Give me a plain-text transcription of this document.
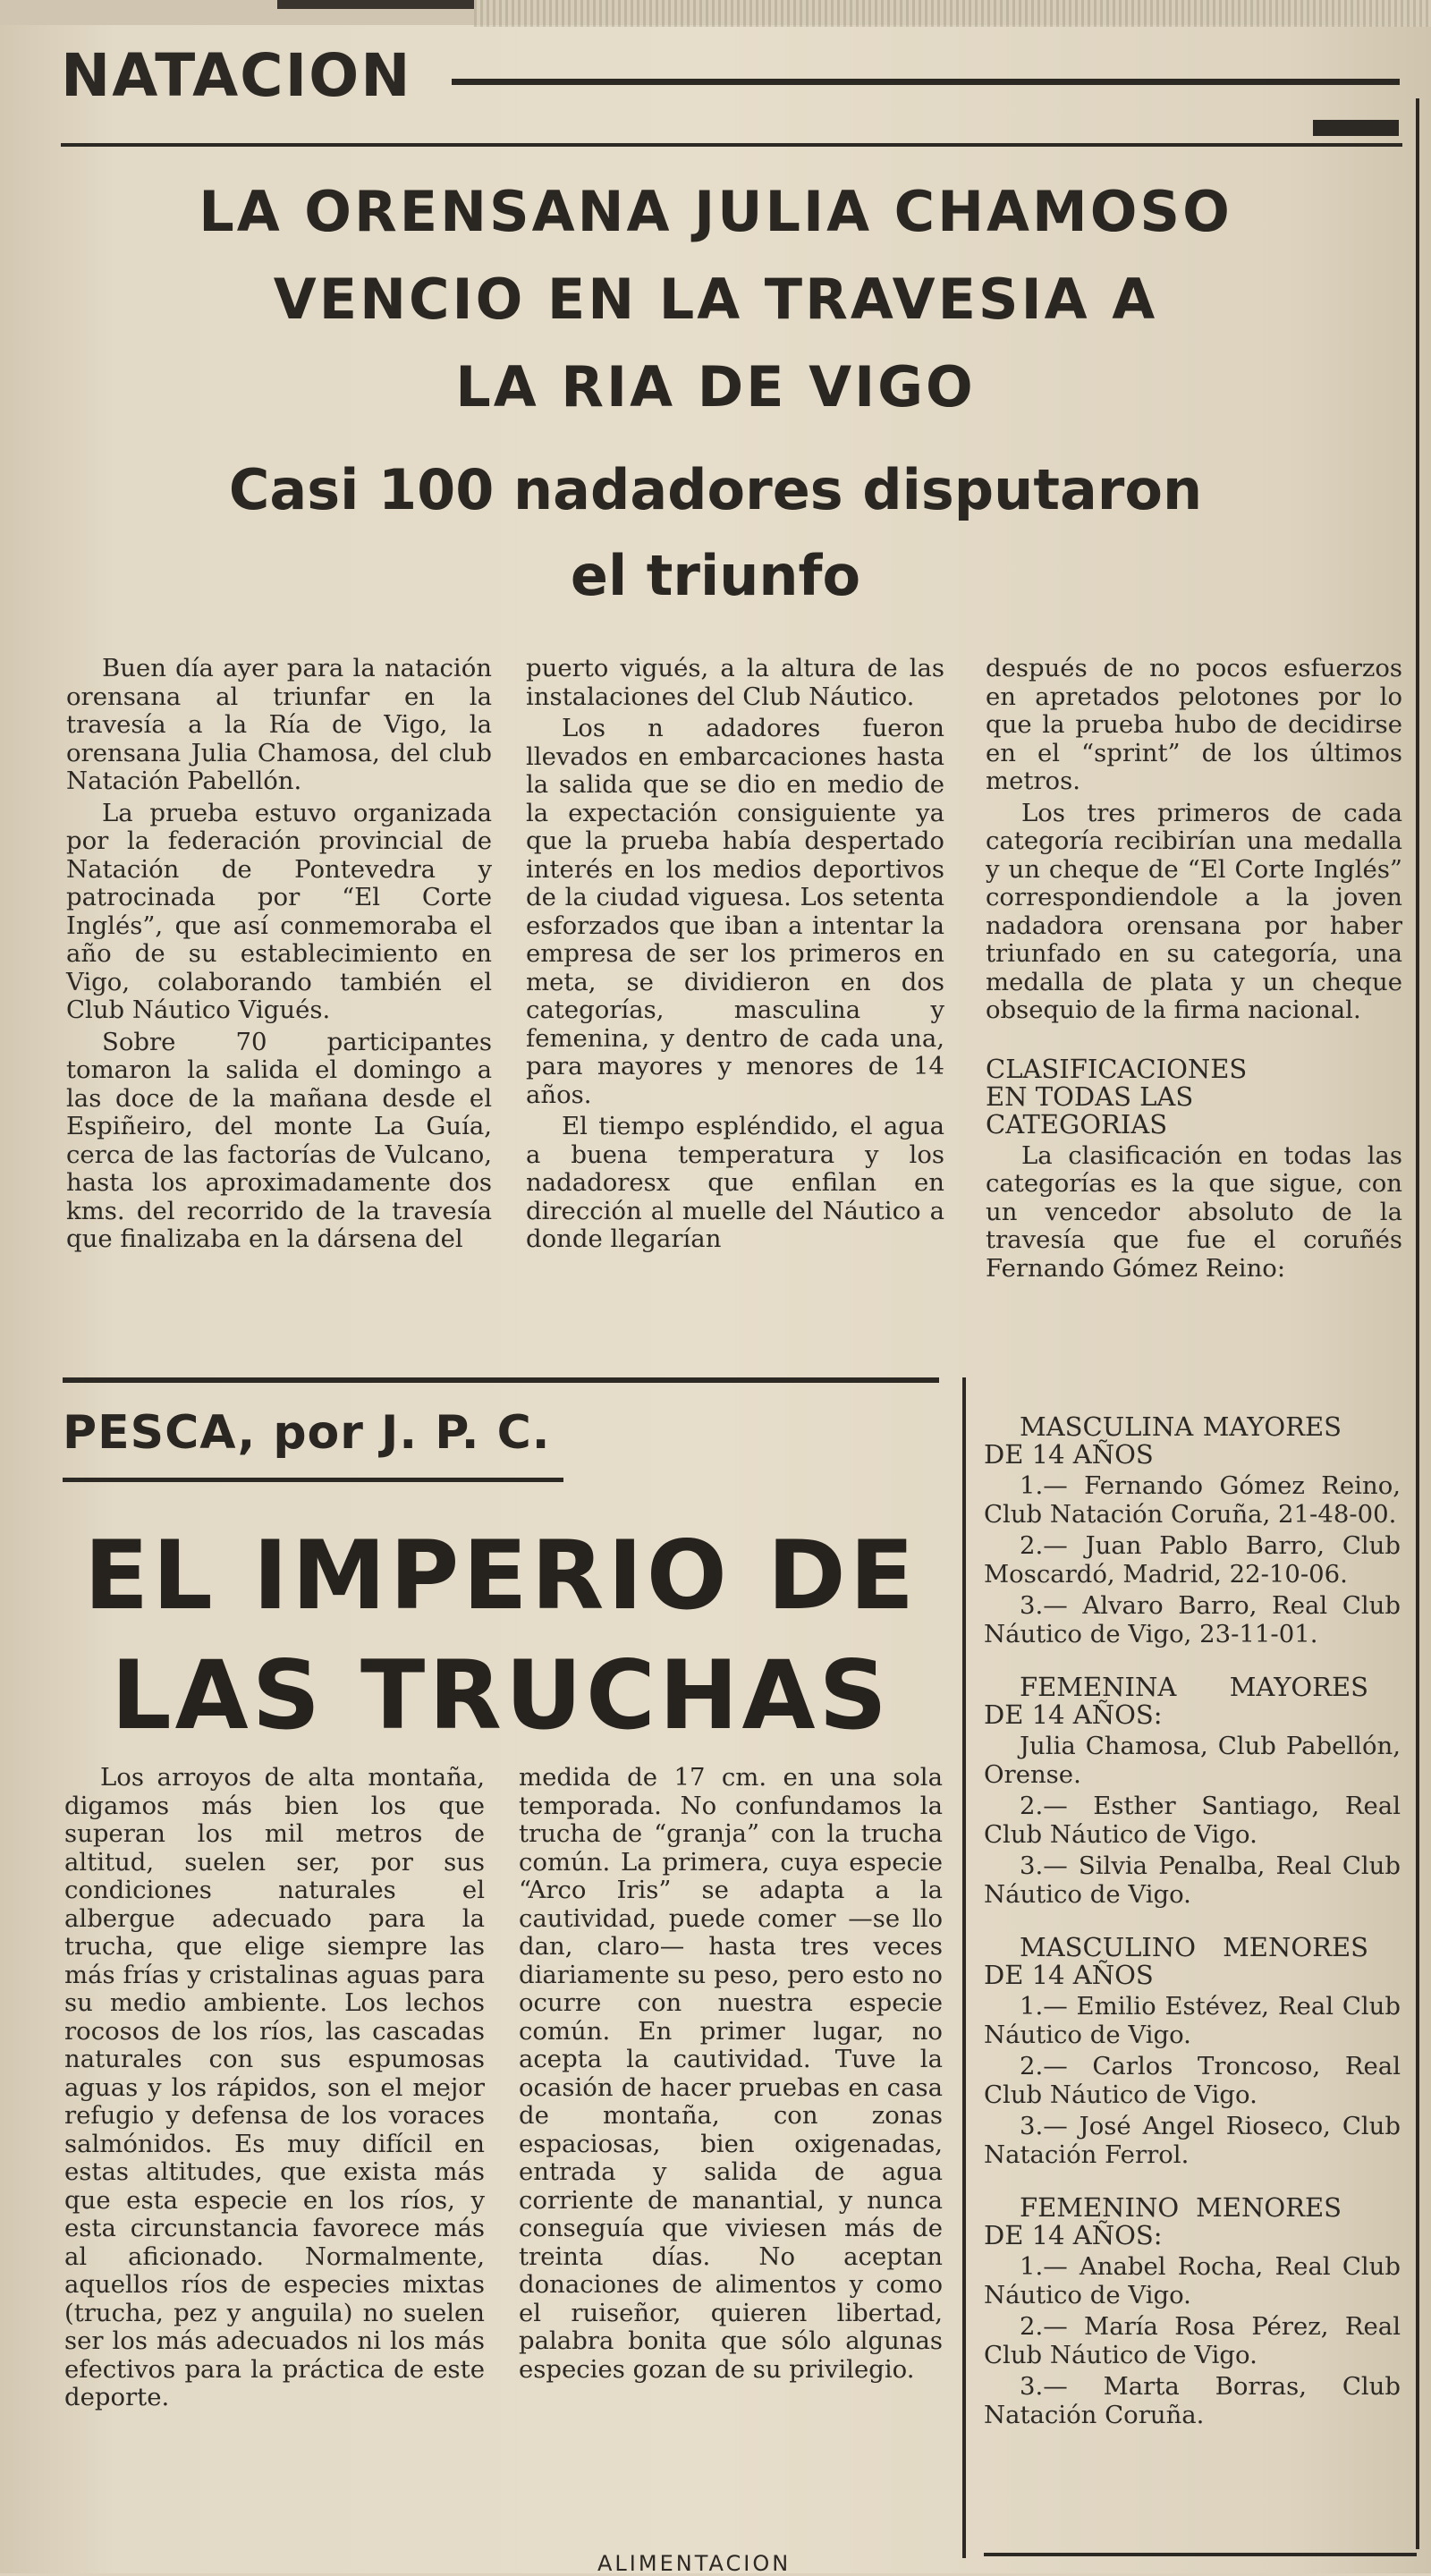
NATACION
LA ORENSANA JULIA CHAMOSO
VENCIO EN LA TRAVESIA A
LA RIA DE VIGO
Casi 100 nadadores disputaron
el triunfo

Buen día ayer para la natación orensana al triunfar en la travesía a la Ría de Vigo, la orensana Julia Chamosa, del club Natación Pabellón.

La prueba estuvo organizada por la federación provincial de Natación de Pontevedra y patrocinada por “El Corte Inglés”, que así conmemoraba el año de su establecimiento en Vigo, colaborando también el Club Náutico Vigués.

Sobre 70 participantes tomaron la salida el domingo a las doce de la mañana desde el Espiñeiro, del monte La Guía, cerca de las factorías de Vulcano, hasta los aproximadamente dos kms. del recorrido de la travesía que finalizaba en la dársena del

puerto vigués, a la altura de las instalaciones del Club Náutico.

Los n adadores fueron llevados en embarcaciones hasta la salida que se dio en medio de la expectación consiguiente ya que la prueba había despertado interés en los medios deportivos de la ciudad viguesa. Los setenta esforzados que iban a intentar la empresa de ser los primeros en meta, se dividieron en dos categorías, masculina y femenina, y dentro de cada una, para mayores y menores de 14 años.

El tiempo espléndido, el agua a buena temperatura y los nadadoresx que enfilan en dirección al muelle del Náutico a donde llegarían

después de no pocos esfuerzos en apretados pelotones por lo que la prueba hubo de decidirse en el “sprint” de los últimos metros.

Los tres primeros de cada categoría recibirían una medalla y un cheque de “El Corte Inglés” correspondiendole a la joven nadadora orensana por haber triunfado en su categoría, una medalla de plata y un cheque obsequio de la firma nacional.

CLASIFICACIONES EN TODAS LAS CATEGORIAS

La clasificación en todas las categorías es la que sigue, con un vencedor absoluto de la travesía que fue el coruñés Fernando Gómez Reino:

MASCULINA MAYORES DE 14 AÑOS

1.— Fernando Gómez Reino, Club Natación Coruña, 21-48-00.

2.— Juan Pablo Barro, Club Moscardó, Madrid, 22-10-06.

3.— Alvaro Barro, Real Club Náutico de Vigo, 23-11-01.

FEMENINA MAYORES DE 14 AÑOS:

Julia Chamosa, Club Pabellón, Orense.

2.— Esther Santiago, Real Club Náutico de Vigo.

3.— Silvia Penalba, Real Club Náutico de Vigo.

MASCULINO MENORES DE 14 AÑOS

1.— Emilio Estévez, Real Club Náutico de Vigo.

2.— Carlos Troncoso, Real Club Náutico de Vigo.

3.— José Angel Rioseco, Club Natación Ferrol.

FEMENINO MENORES DE 14 AÑOS:

1.— Anabel Rocha, Real Club Náutico de Vigo.

2.— María Rosa Pérez, Real Club Náutico de Vigo.

3.— Marta Borras, Club Natación Coruña.

PESCA, por J. P. C.
EL IMPERIO DE
LAS TRUCHAS

Los arroyos de alta montaña, digamos más bien los que superan los mil metros de altitud, suelen ser, por sus condiciones naturales el albergue adecuado para la trucha, que elige siempre las más frías y cristalinas aguas para su medio ambiente. Los lechos rocosos de los ríos, las cascadas naturales con sus espumosas aguas y los rápidos, son el mejor refugio y defensa de los voraces salmónidos. Es muy difícil en estas altitudes, que exista más que esta especie en los ríos, y esta circunstancia favorece más al aficionado. Normalmente, aquellos ríos de especies mixtas (trucha, pez y anguila) no suelen ser los más adecuados ni los más efectivos para la práctica de este deporte.

medida de 17 cm. en una sola temporada. No confundamos la trucha de “granja” con la trucha común. La primera, cuya especie “Arco Iris” se adapta a la cautividad, puede comer —se llo dan, claro— hasta tres veces diariamente su peso, pero esto no ocurre con nuestra especie común. En primer lugar, no acepta la cautividad. Tuve la ocasión de hacer pruebas en casa de montaña, con zonas espaciosas, bien oxigenadas, entrada y salida de agua corriente de manantial, y nunca conseguía que viviesen más de treinta días. No aceptan donaciones de alimentos y como el ruiseñor, quieren libertad, palabra bonita que sólo algunas especies gozan de su privilegio.

ALIMENTACION
